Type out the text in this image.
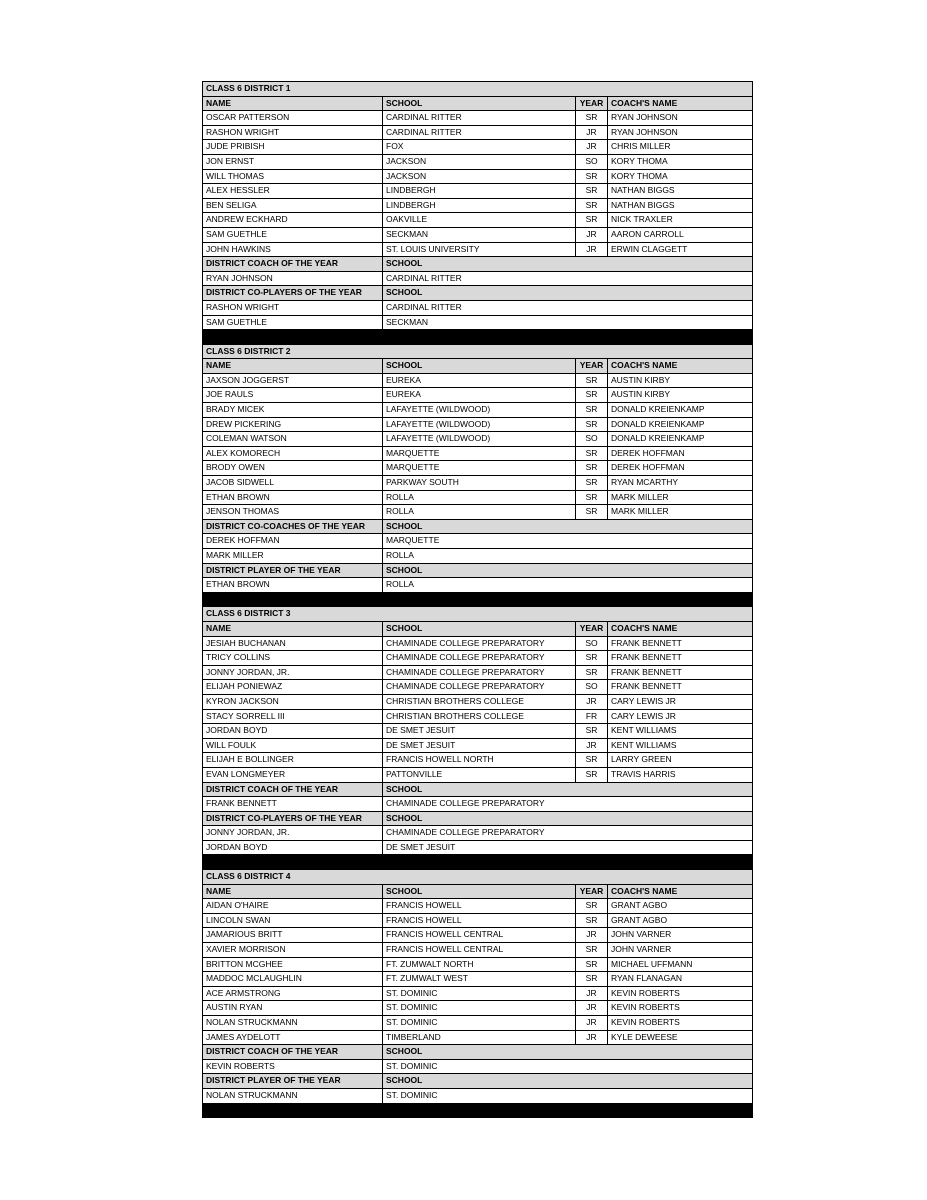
CLASS 6 DISTRICT 1			
NAME	SCHOOL	YEAR	COACH'S NAME
OSCAR PATTERSON	CARDINAL RITTER	SR	RYAN JOHNSON
RASHON WRIGHT	CARDINAL RITTER	JR	RYAN JOHNSON
JUDE PRIBISH	FOX	JR	CHRIS MILLER
JON ERNST	JACKSON	SO	KORY THOMA
WILL THOMAS	JACKSON	SR	KORY THOMA
ALEX HESSLER	LINDBERGH	SR	NATHAN BIGGS
BEN SELIGA	LINDBERGH	SR	NATHAN BIGGS
ANDREW ECKHARD	OAKVILLE	SR	NICK TRAXLER
SAM GUETHLE	SECKMAN	JR	AARON CARROLL
JOHN HAWKINS	ST. LOUIS UNIVERSITY	JR	ERWIN CLAGGETT
DISTRICT COACH OF THE YEAR	SCHOOL		
RYAN JOHNSON	CARDINAL RITTER		
DISTRICT CO-PLAYERS OF THE YEAR	SCHOOL		
RASHON WRIGHT	CARDINAL RITTER		
SAM GUETHLE	SECKMAN		

CLASS 6 DISTRICT 2			
NAME	SCHOOL	YEAR	COACH'S NAME
JAXSON JOGGERST	EUREKA	SR	AUSTIN KIRBY
JOE RAULS	EUREKA	SR	AUSTIN KIRBY
BRADY MICEK	LAFAYETTE (WILDWOOD)	SR	DONALD KREIENKAMP
DREW PICKERING	LAFAYETTE (WILDWOOD)	SR	DONALD KREIENKAMP
COLEMAN WATSON	LAFAYETTE (WILDWOOD)	SO	DONALD KREIENKAMP
ALEX KOMORECH	MARQUETTE	SR	DEREK HOFFMAN
BRODY OWEN	MARQUETTE	SR	DEREK HOFFMAN
JACOB SIDWELL	PARKWAY SOUTH	SR	RYAN MCARTHY
ETHAN BROWN	ROLLA	SR	MARK MILLER
JENSON THOMAS	ROLLA	SR	MARK MILLER
DISTRICT CO-COACHES OF THE YEAR	SCHOOL		
DEREK HOFFMAN	MARQUETTE		
MARK MILLER	ROLLA		
DISTRICT PLAYER OF THE YEAR	SCHOOL		
ETHAN BROWN	ROLLA		

CLASS 6 DISTRICT 3			
NAME	SCHOOL	YEAR	COACH'S NAME
JESIAH BUCHANAN	CHAMINADE COLLEGE PREPARATORY	SO	FRANK BENNETT
TRICY COLLINS	CHAMINADE COLLEGE PREPARATORY	SR	FRANK BENNETT
JONNY JORDAN, JR.	CHAMINADE COLLEGE PREPARATORY	SR	FRANK BENNETT
ELIJAH PONIEWAZ	CHAMINADE COLLEGE PREPARATORY	SO	FRANK BENNETT
KYRON JACKSON	CHRISTIAN BROTHERS COLLEGE	JR	CARY LEWIS JR
STACY SORRELL III	CHRISTIAN BROTHERS COLLEGE	FR	CARY LEWIS JR
JORDAN BOYD	DE SMET JESUIT	SR	KENT WILLIAMS
WILL FOULK	DE SMET JESUIT	JR	KENT WILLIAMS
ELIJAH E BOLLINGER	FRANCIS HOWELL NORTH	SR	LARRY GREEN
EVAN LONGMEYER	PATTONVILLE	SR	TRAVIS HARRIS
DISTRICT COACH OF THE YEAR	SCHOOL		
FRANK BENNETT	CHAMINADE COLLEGE PREPARATORY		
DISTRICT CO-PLAYERS OF THE YEAR	SCHOOL		
JONNY JORDAN, JR.	CHAMINADE COLLEGE PREPARATORY		
JORDAN BOYD	DE SMET JESUIT		

CLASS 6 DISTRICT 4			
NAME	SCHOOL	YEAR	COACH'S NAME
AIDAN O'HAIRE	FRANCIS HOWELL	SR	GRANT AGBO
LINCOLN SWAN	FRANCIS HOWELL	SR	GRANT AGBO
JAMARIOUS BRITT	FRANCIS HOWELL CENTRAL	JR	JOHN VARNER
XAVIER MORRISON	FRANCIS HOWELL CENTRAL	SR	JOHN VARNER
BRITTON MCGHEE	FT. ZUMWALT NORTH	SR	MICHAEL UFFMANN
MADDOC MCLAUGHLIN	FT. ZUMWALT WEST	SR	RYAN FLANAGAN
ACE ARMSTRONG	ST. DOMINIC	JR	KEVIN ROBERTS
AUSTIN RYAN	ST. DOMINIC	JR	KEVIN ROBERTS
NOLAN STRUCKMANN	ST. DOMINIC	JR	KEVIN ROBERTS
JAMES AYDELOTT	TIMBERLAND	JR	KYLE DEWEESE
DISTRICT COACH OF THE YEAR	SCHOOL		
KEVIN ROBERTS	ST. DOMINIC		
DISTRICT PLAYER OF THE YEAR	SCHOOL		
NOLAN STRUCKMANN	ST. DOMINIC		
